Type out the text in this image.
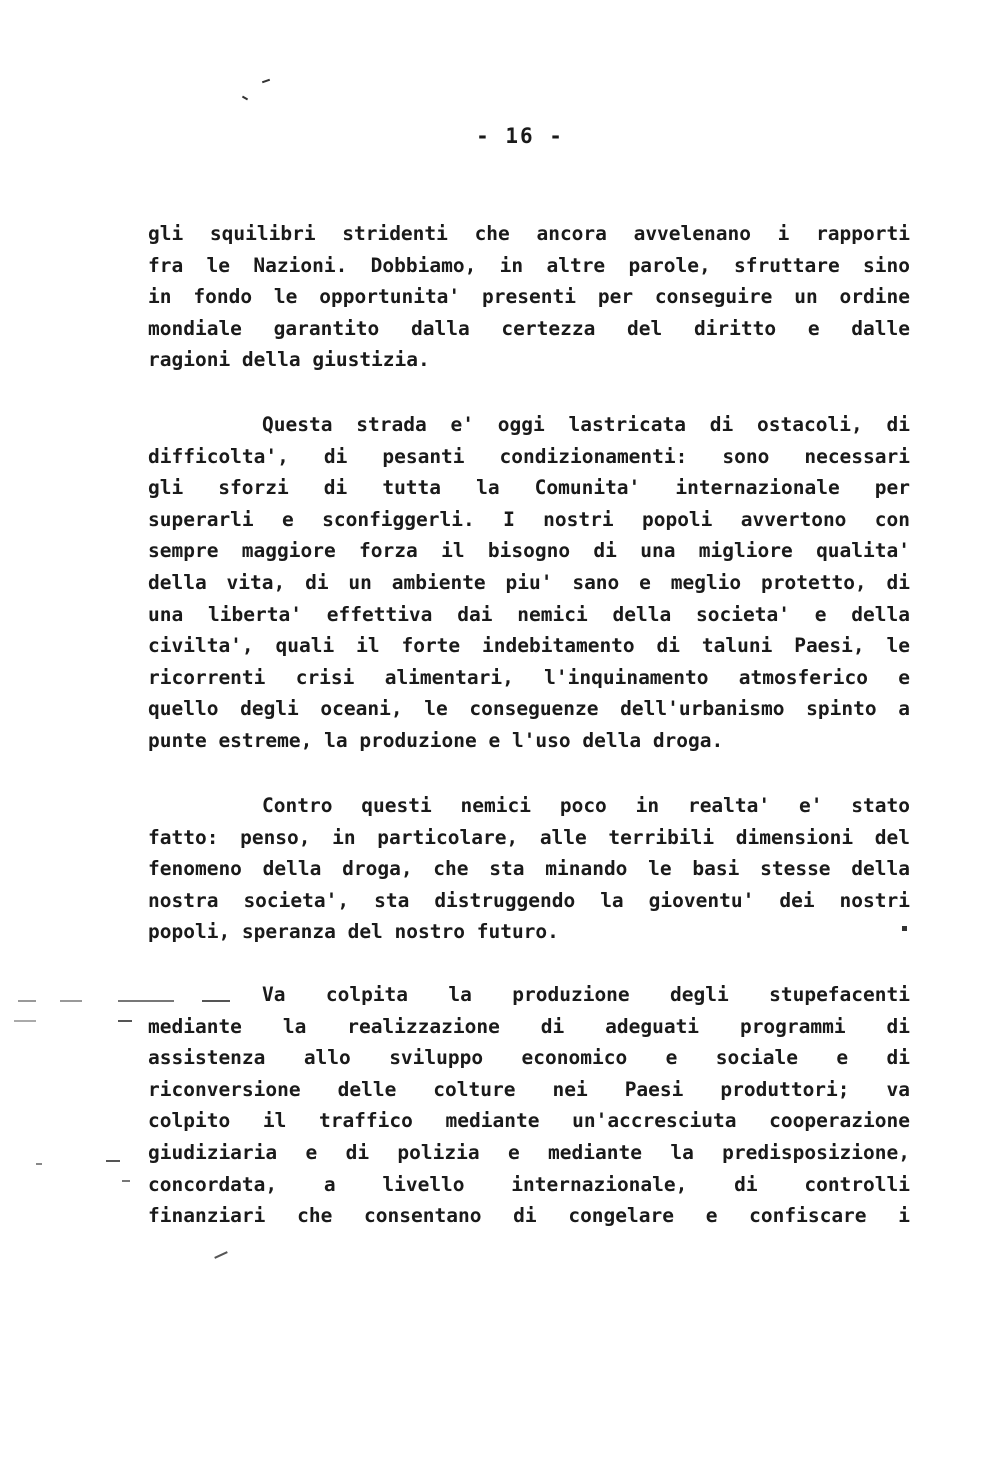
- 16 -
gli squilibri stridenti che ancora avvelenano i rapporti
fra le Nazioni. Dobbiamo, in altre parole, sfruttare sino
in fondo le opportunita' presenti per conseguire un ordine
mondiale garantito dalla certezza del diritto e dalle
ragioni della giustizia.
Questa strada e' oggi lastricata di ostacoli, di
difficolta', di pesanti condizionamenti: sono necessari
gli sforzi di tutta la Comunita' internazionale per
superarli e sconfiggerli. I nostri popoli avvertono con
sempre maggiore forza il bisogno di una migliore qualita'
della vita, di un ambiente piu' sano e meglio protetto, di
una liberta' effettiva dai nemici della societa' e della
civilta', quali il forte indebitamento di taluni Paesi, le
ricorrenti crisi alimentari, l'inquinamento atmosferico e
quello degli oceani, le conseguenze dell'urbanismo spinto a
punte estreme, la produzione e l'uso della droga.
Contro questi nemici poco in realta' e' stato
fatto: penso, in particolare, alle terribili dimensioni del
fenomeno della droga, che sta minando le basi stesse della
nostra societa', sta distruggendo la gioventu' dei nostri
popoli, speranza del nostro futuro.
Va colpita la produzione degli stupefacenti
mediante la realizzazione di adeguati programmi di
assistenza allo sviluppo economico e sociale e di
riconversione delle colture nei Paesi produttori; va
colpito il traffico mediante un'accresciuta cooperazione
giudiziaria e di polizia e mediante la predisposizione,
concordata, a livello internazionale, di controlli
finanziari che consentano di congelare e confiscare i
